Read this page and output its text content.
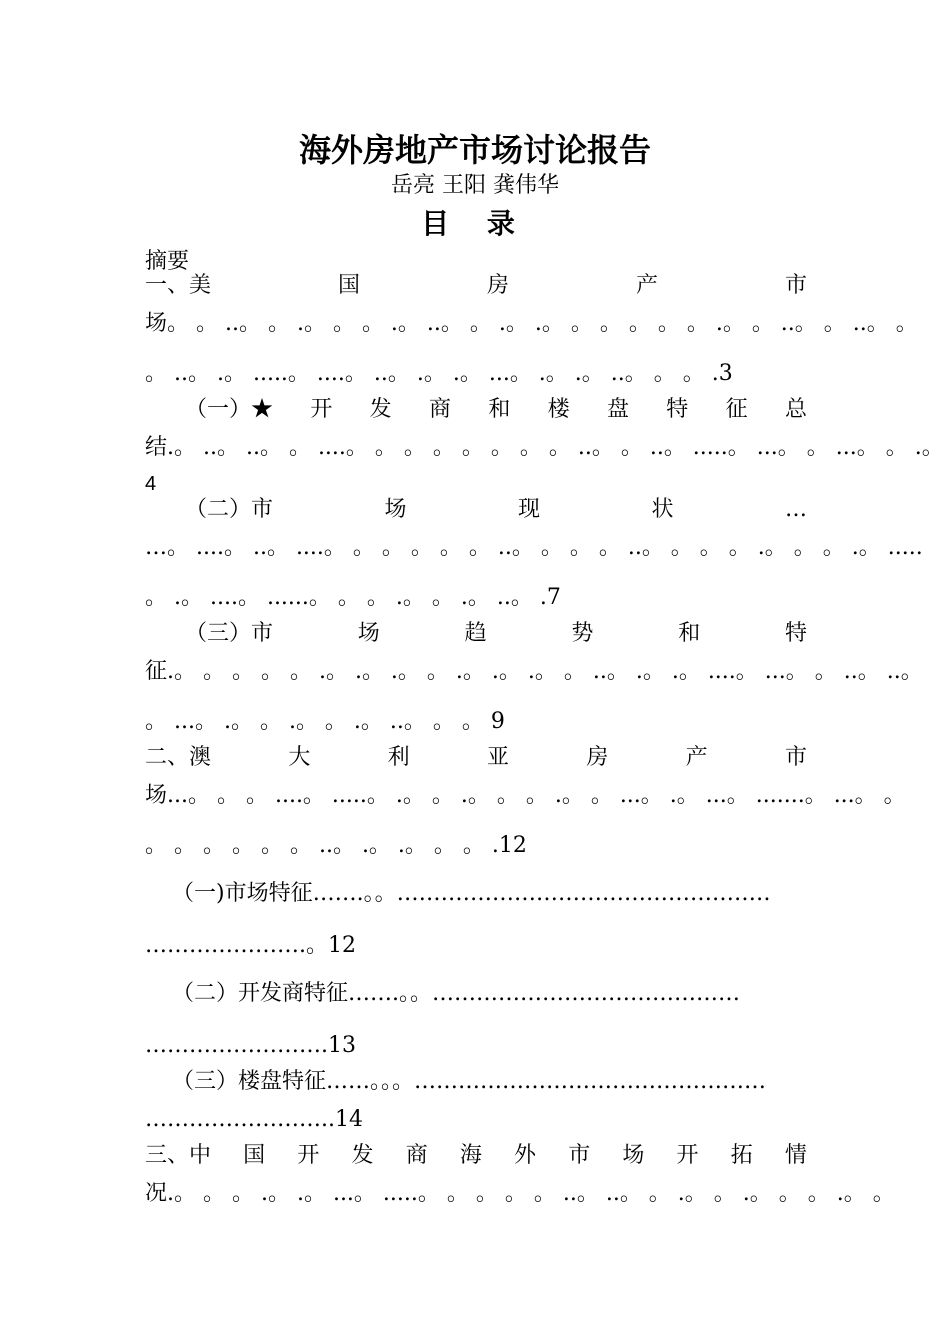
海外房地产市场讨论报告
岳亮 王阳 龚伟华
目 录
摘要
一、美	国	房	产	市
场。 。 ..。 。 .。 。 。 .。 ..。 。 .。 .。 。 。 。 。 。 .。 。 ..。 。 ..。 。
。 ..。 .。 .....。 ....。 ..。 .。 .。 ...。 .。 .。 ..。 。 。 .3
（一）★ 开 发 商 和 楼 盘 特 征 总
结.。 ..。 ..。 。 ....。 。 。 。 。 。 。 。 ..。 。 ..。 .....。 ...。 。 ...。 。 .。
4
（二）市	场	现	状	…
…。 ....。 ..。 ....。 。 。 。 。 。 ..。 。 。 。 ..。 。 。 。 .。 。 。 .。 .....
。 .。 ....。 ......。 。 。 .。 。 .。 ..。 .7
（三）市	场	趋	势	和	特
征.。 。 。 。 。 .。 .。 .。 。 .。 .。 .。 。 ..。 .。 .。 ....。 ...。 。 ..。 ..。
。 ...。 .。 。 .。 。 .。 ..。 。 。 9
二、澳	大	利	亚	房	产	市
场...。 。 。 ....。 .....。 .。 。 .。 。 。 .。 。 ...。 .。 ...。 .......。 ...。 。
。 。 。 。 。 。 ..。 .。 .。 。 。 .12
（一)市场特征…….。。……………………………………………
………………….。12
（二）开发商特征…….。。……………………………………
…………………….13
（三）楼盘特征……。。。…………………………………………
……………………..14
三、中 国 开 发 商 海 外 市 场 开 拓 情
况.。 。 。 .。 .。 ...。 .....。 。 。 。 。 ..。 ..。 。 .。 。 .。 。 。 .。 。
